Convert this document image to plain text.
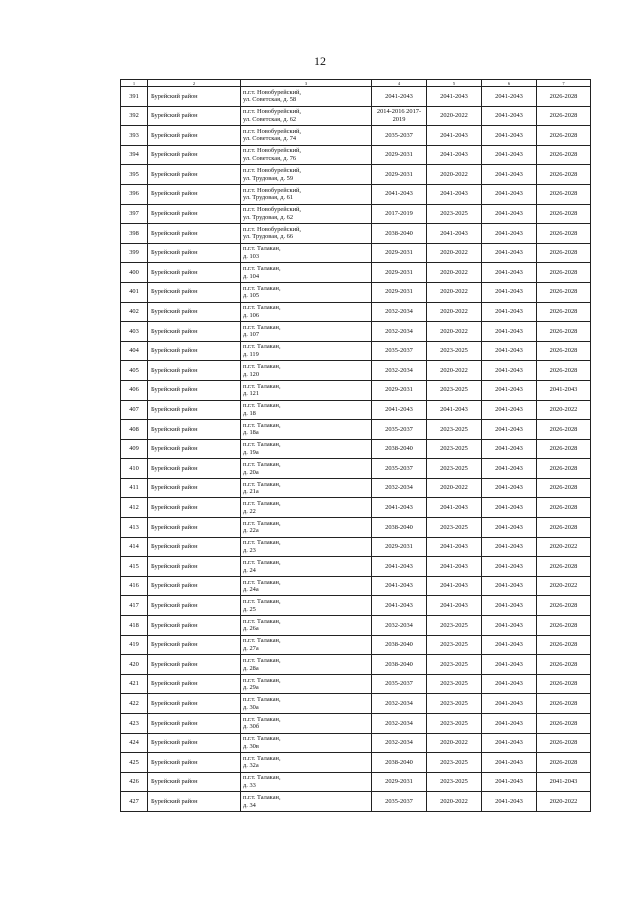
12
1	2	3	4	5	6	7
391	Бурейский район	п.г.т. Новобурейский,
ул. Советская, д. 58	2041-2043	2041-2043	2041-2043	2026-2028
392	Бурейский район	п.г.т. Новобурейский,
ул. Советская, д. 62	2014-2016 2017-2019	2020-2022	2041-2043	2026-2028
393	Бурейский район	п.г.т. Новобурейский,
ул. Советская, д. 74	2035-2037	2041-2043	2041-2043	2026-2028
394	Бурейский район	п.г.т. Новобурейский,
ул. Советская, д. 76	2029-2031	2041-2043	2041-2043	2026-2028
395	Бурейский район	п.г.т. Новобурейский,
ул. Трудовая, д. 59	2029-2031	2020-2022	2041-2043	2026-2028
396	Бурейский район	п.г.т. Новобурейский,
ул. Трудовая, д. 61	2041-2043	2041-2043	2041-2043	2026-2028
397	Бурейский район	п.г.т. Новобурейский,
ул. Трудовая, д. 62	2017-2019	2023-2025	2041-2043	2026-2028
398	Бурейский район	п.г.т. Новобурейский,
ул. Трудовая, д. 66	2038-2040	2041-2043	2041-2043	2026-2028
399	Бурейский район	п.г.т. Талакан,
д. 103	2029-2031	2020-2022	2041-2043	2026-2028
400	Бурейский район	п.г.т. Талакан,
д. 104	2029-2031	2020-2022	2041-2043	2026-2028
401	Бурейский район	п.г.т. Талакан,
д. 105	2029-2031	2020-2022	2041-2043	2026-2028
402	Бурейский район	п.г.т. Талакан,
д. 106	2032-2034	2020-2022	2041-2043	2026-2028
403	Бурейский район	п.г.т. Талакан,
д. 107	2032-2034	2020-2022	2041-2043	2026-2028
404	Бурейский район	п.г.т. Талакан,
д. 119	2035-2037	2023-2025	2041-2043	2026-2028
405	Бурейский район	п.г.т. Талакан,
д. 120	2032-2034	2020-2022	2041-2043	2026-2028
406	Бурейский район	п.г.т. Талакан,
д. 121	2029-2031	2023-2025	2041-2043	2041-2043
407	Бурейский район	п.г.т. Талакан,
д. 18	2041-2043	2041-2043	2041-2043	2020-2022
408	Бурейский район	п.г.т. Талакан,
д. 18а	2035-2037	2023-2025	2041-2043	2026-2028
409	Бурейский район	п.г.т. Талакан,
д. 19а	2038-2040	2023-2025	2041-2043	2026-2028
410	Бурейский район	п.г.т. Талакан,
д. 20а	2035-2037	2023-2025	2041-2043	2026-2028
411	Бурейский район	п.г.т. Талакан,
д. 21а	2032-2034	2020-2022	2041-2043	2026-2028
412	Бурейский район	п.г.т. Талакан,
д. 22	2041-2043	2041-2043	2041-2043	2026-2028
413	Бурейский район	п.г.т. Талакан,
д. 22а	2038-2040	2023-2025	2041-2043	2026-2028
414	Бурейский район	п.г.т. Талакан,
д. 23	2029-2031	2041-2043	2041-2043	2020-2022
415	Бурейский район	п.г.т. Талакан,
д. 24	2041-2043	2041-2043	2041-2043	2026-2028
416	Бурейский район	п.г.т. Талакан,
д. 24а	2041-2043	2041-2043	2041-2043	2020-2022
417	Бурейский район	п.г.т. Талакан,
д. 25	2041-2043	2041-2043	2041-2043	2026-2028
418	Бурейский район	п.г.т. Талакан,
д. 26а	2032-2034	2023-2025	2041-2043	2026-2028
419	Бурейский район	п.г.т. Талакан,
д. 27а	2038-2040	2023-2025	2041-2043	2026-2028
420	Бурейский район	п.г.т. Талакан,
д. 28а	2038-2040	2023-2025	2041-2043	2026-2028
421	Бурейский район	п.г.т. Талакан,
д. 29а	2035-2037	2023-2025	2041-2043	2026-2028
422	Бурейский район	п.г.т. Талакан,
д. 30а	2032-2034	2023-2025	2041-2043	2026-2028
423	Бурейский район	п.г.т. Талакан,
д. 30б	2032-2034	2023-2025	2041-2043	2026-2028
424	Бурейский район	п.г.т. Талакан,
д. 30в	2032-2034	2020-2022	2041-2043	2026-2028
425	Бурейский район	п.г.т. Талакан,
д. 32а	2038-2040	2023-2025	2041-2043	2026-2028
426	Бурейский район	п.г.т. Талакан,
д. 33	2029-2031	2023-2025	2041-2043	2041-2043
427	Бурейский район	п.г.т. Талакан,
д. 34	2035-2037	2020-2022	2041-2043	2020-2022
